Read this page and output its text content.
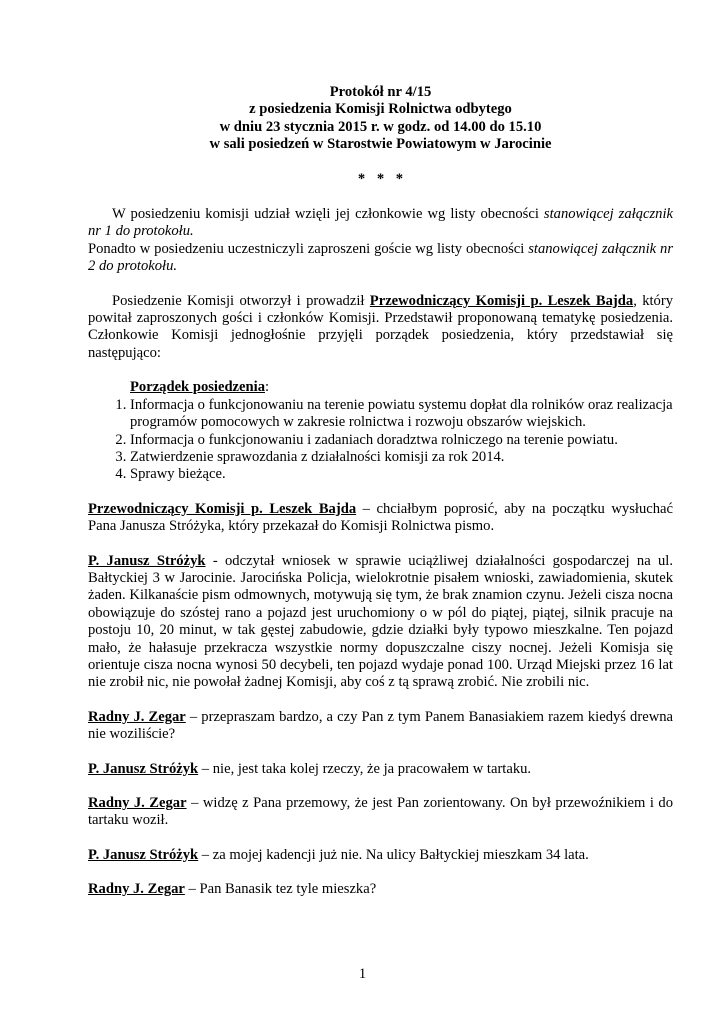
Protokół nr 4/15
z posiedzenia Komisji Rolnictwa odbytego
w dniu 23 stycznia 2015 r. w godz. od 14.00 do 15.10
w sali posiedzeń w Starostwie Powiatowym w Jarocinie
* * *

W posiedzeniu komisji udział wzięli jej członkowie wg listy obecności stanowiącej załącznik nr 1 do protokołu.

Ponadto w posiedzeniu uczestniczyli zaproszeni goście wg listy obecności stanowiącej załącznik nr 2 do protokołu.

Posiedzenie Komisji otworzył i prowadził Przewodniczący Komisji p. Leszek Bajda, który powitał zaproszonych gości i członków Komisji. Przedstawił proponowaną tematykę posiedzenia. Członkowie Komisji jednogłośnie przyjęli porządek posiedzenia, który przedstawiał się następująco:

Porządek posiedzenia:
1. Informacja o funkcjonowaniu na terenie powiatu systemu dopłat dla rolników oraz realizacja programów pomocowych w zakresie rolnictwa i rozwoju obszarów wiejskich.
2. Informacja o funkcjonowaniu i zadaniach doradztwa rolniczego na terenie powiatu.
3. Zatwierdzenie sprawozdania z działalności komisji za rok 2014.
4. Sprawy bieżące.

Przewodniczący Komisji p. Leszek Bajda – chciałbym poprosić, aby na początku wysłuchać Pana Janusza Stróżyka, który przekazał do Komisji Rolnictwa pismo.

P. Janusz Stróżyk - odczytał wniosek w sprawie uciążliwej działalności gospodarczej na ul. Bałtyckiej 3 w Jarocinie. Jarocińska Policja, wielokrotnie pisałem wnioski, zawiadomienia, skutek żaden. Kilkanaście pism odmownych, motywują się tym, że brak znamion czynu. Jeżeli cisza nocna obowiązuje do szóstej rano a pojazd jest uruchomiony o w pól do piątej, piątej, silnik pracuje na postoju 10, 20 minut, w tak gęstej zabudowie, gdzie działki były typowo mieszkalne. Ten pojazd mało, że hałasuje przekracza wszystkie normy dopuszczalne ciszy nocnej. Jeżeli Komisja się orientuje cisza nocna wynosi 50 decybeli, ten pojazd wydaje ponad 100. Urząd Miejski przez 16 lat nie zrobił nic, nie powołał żadnej Komisji, aby coś z tą sprawą zrobić. Nie zrobili nic.

Radny J. Zegar – przepraszam bardzo, a czy Pan z tym Panem Banasiakiem razem kiedyś drewna nie woziliście?

P. Janusz Stróżyk – nie, jest taka kolej rzeczy, że ja pracowałem w tartaku.

Radny J. Zegar – widzę z Pana przemowy, że jest Pan zorientowany. On był przewoźnikiem i do tartaku woził.

P. Janusz Stróżyk – za mojej kadencji już nie. Na ulicy Bałtyckiej mieszkam 34 lata.

Radny J. Zegar – Pan Banasik tez tyle mieszka?

1
